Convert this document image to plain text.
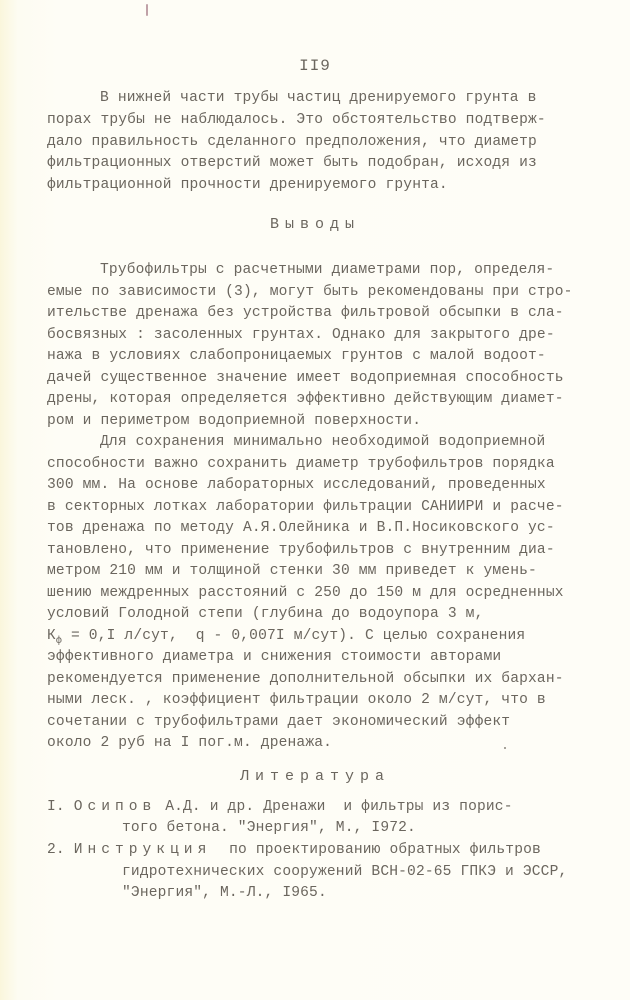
II9
В нижней части трубы частиц дренируемого грунта в
порах трубы не наблюдалось. Это обстоятельство подтверж-
дало правильность сделанного предположения, что диаметр
фильтрационных отверстий может быть подобран, исходя из
фильтрационной прочности дренируемого грунта.
Выводы
Трубофильтры с расчетными диаметрами пор, определя-
емые по зависимости (3), могут быть рекомендованы при стро-
ительстве дренажа без устройства фильтровой обсыпки в сла-
босвязных : засоленных грунтах. Однако для закрытого дре-
нажа в условиях слабопроницаемых грунтов с малой водоот-
дачей существенное значение имеет водоприемная способность
дрены, которая определяется эффективно действующим диамет-
ром и периметром водоприемной поверхности.
Для сохранения минимально необходимой водоприемной
способности важно сохранить диаметр трубофильтров порядка
300 мм. На основе лабораторных исследований, проведенных
в секторных лотках лаборатории фильтрации САНИИРИ и расче-
тов дренажа по методу А.Я.Олейника и В.П.Носиковского ус-
тановлено, что применение трубофильтров с внутренним диа-
метром 210 мм и толщиной стенки 30 мм приведет к умень-
шению междренных расстояний с 250 до 150 м для осредненных
условий Голодной степи (глубина до водоупора 3 м,
$К_ф = 0,I$ л/сут,  q - 0,007I м/сут). С целью сохранения
эффективного диаметра и снижения стоимости авторами
рекомендуется применение дополнительной обсыпки их бархан-
ными леск. , коэффициент фильтрации около 2 м/сут, что в
сочетании с трубофильтрами дает экономический эффект
около 2 руб на I пог.м. дренажа.
Литература
I. Осипов А.Д. и др. Дренажи  и фильтры из порис-
того бетона. "Энергия", М., I972.
2. Инструкция  по проектированию обратных фильтров
гидротехнических сооружений ВСН-02-65 ГПКЭ и ЭССР,
"Энергия", М.-Л., I965.
